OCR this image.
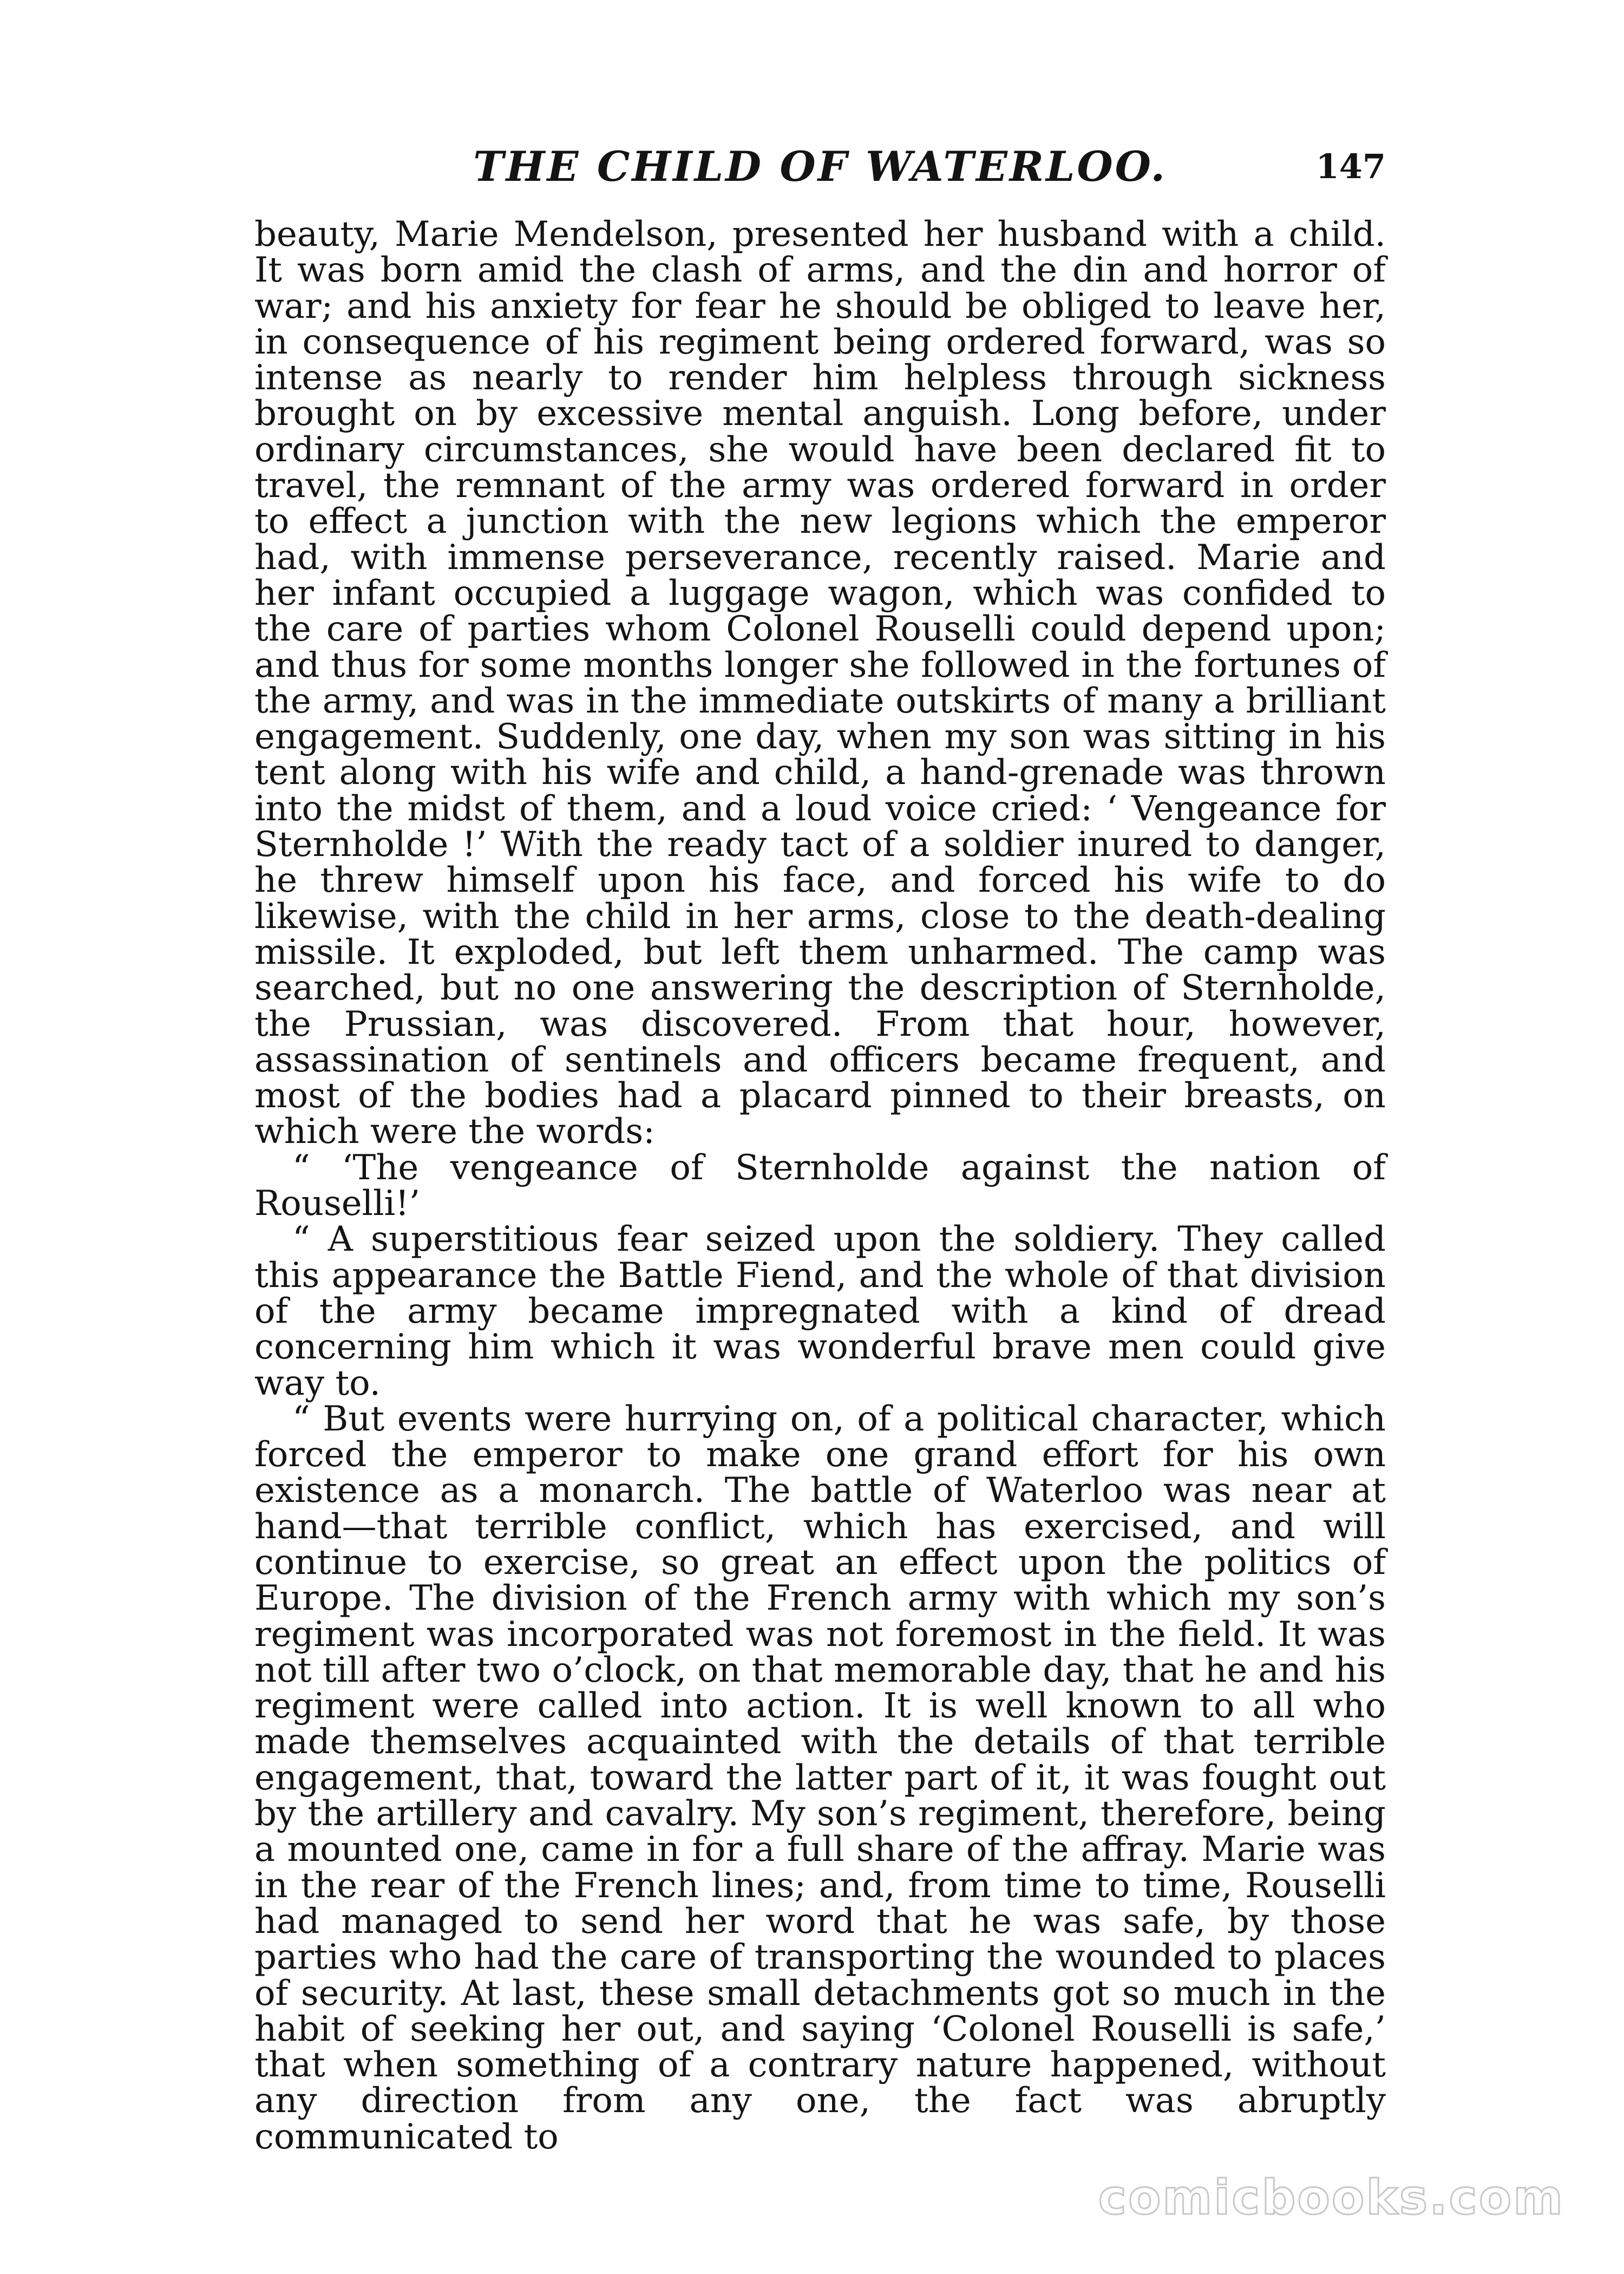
THE CHILD OF WATERLOO.	147

beauty, Marie Mendelson, presented her husband with a child. It was born amid the clash of arms, and the din and horror of war; and his anxiety for fear he should be obliged to leave her, in consequence of his regiment being ordered forward, was so intense as nearly to render him helpless through sickness brought on by excessive mental anguish. Long before, under ordinary circumstances, she would have been declared fit to travel, the remnant of the army was ordered forward in order to effect a junction with the new legions which the emperor had, with immense perseverance, recently raised. Marie and her infant occupied a luggage wagon, which was confided to the care of parties whom Colonel Rouselli could depend upon; and thus for some months longer she followed in the fortunes of the army, and was in the immediate outskirts of many a brilliant engagement. Suddenly, one day, when my son was sitting in his tent along with his wife and child, a hand-grenade was thrown into the midst of them, and a loud voice cried: ‘ Vengeance for Sternholde !’ With the ready tact of a soldier inured to danger, he threw himself upon his face, and forced his wife to do likewise, with the child in her arms, close to the death-dealing missile. It exploded, but left them unharmed. The camp was searched, but no one answering the description of Sternholde, the Prussian, was discovered. From that hour, however, assassination of sentinels and officers became frequent, and most of the bodies had a placard pinned to their breasts, on which were the words:

“ ‘The vengeance of Sternholde against the nation of Rouselli!’

“ A superstitious fear seized upon the soldiery. They called this appearance the Battle Fiend, and the whole of that division of the army became impregnated with a kind of dread concerning him which it was wonderful brave men could give way to.

“ But events were hurrying on, of a political character, which forced the emperor to make one grand effort for his own existence as a monarch. The battle of Waterloo was near at hand—that terrible conflict, which has exercised, and will continue to exercise, so great an effect upon the politics of Europe. The division of the French army with which my son’s regiment was incorporated was not foremost in the field. It was not till after two o’clock, on that memorable day, that he and his regiment were called into action. It is well known to all who made themselves acquainted with the details of that terrible engagement, that, toward the latter part of it, it was fought out by the artillery and cavalry. My son’s regiment, therefore, being a mounted one, came in for a full share of the affray. Marie was in the rear of the French lines; and, from time to time, Rouselli had managed to send her word that he was safe, by those parties who had the care of transporting the wounded to places of security. At last, these small detachments got so much in the habit of seeking her out, and saying ‘Colonel Rouselli is safe,’ that when something of a contrary nature happened, without any direction from any one, the fact was abruptly communicated to

comicbooks.com
